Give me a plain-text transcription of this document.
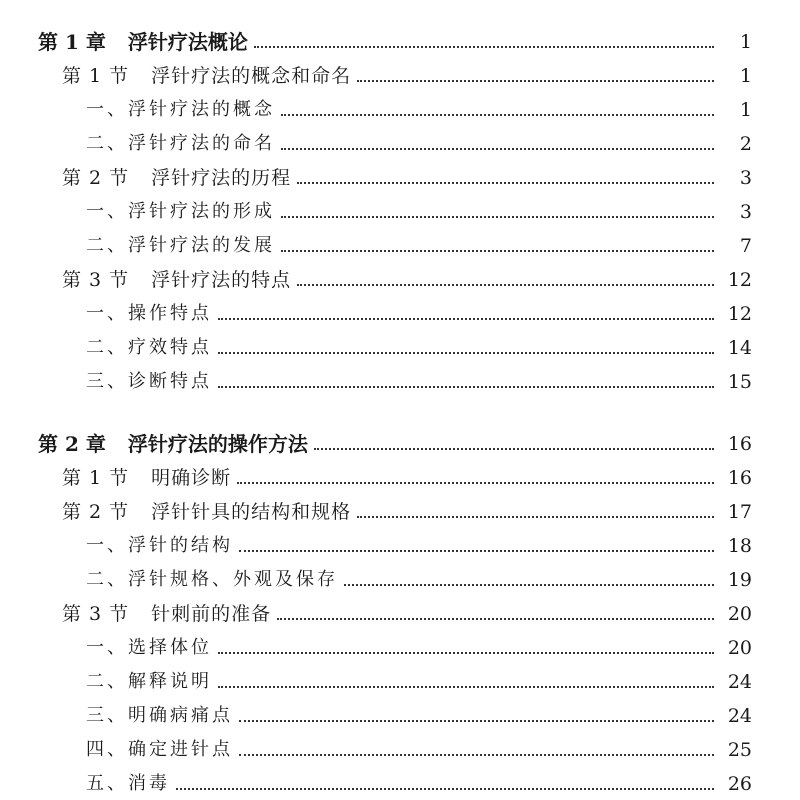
第 1 章 浮针疗法概论	1
第 1 节 浮针疗法的概念和命名	1
一、浮针疗法的概念	1
二、浮针疗法的命名	2
第 2 节 浮针疗法的历程	3
一、浮针疗法的形成	3
二、浮针疗法的发展	7
第 3 节 浮针疗法的特点	12
一、操作特点	12
二、疗效特点	14
三、诊断特点	15
第 2 章 浮针疗法的操作方法	16
第 1 节 明确诊断	16
第 2 节 浮针针具的结构和规格	17
一、浮针的结构	18
二、浮针规格、外观及保存	19
第 3 节 针刺前的准备	20
一、选择体位	20
二、解释说明	24
三、明确病痛点	24
四、确定进针点	25
五、消毒	26
